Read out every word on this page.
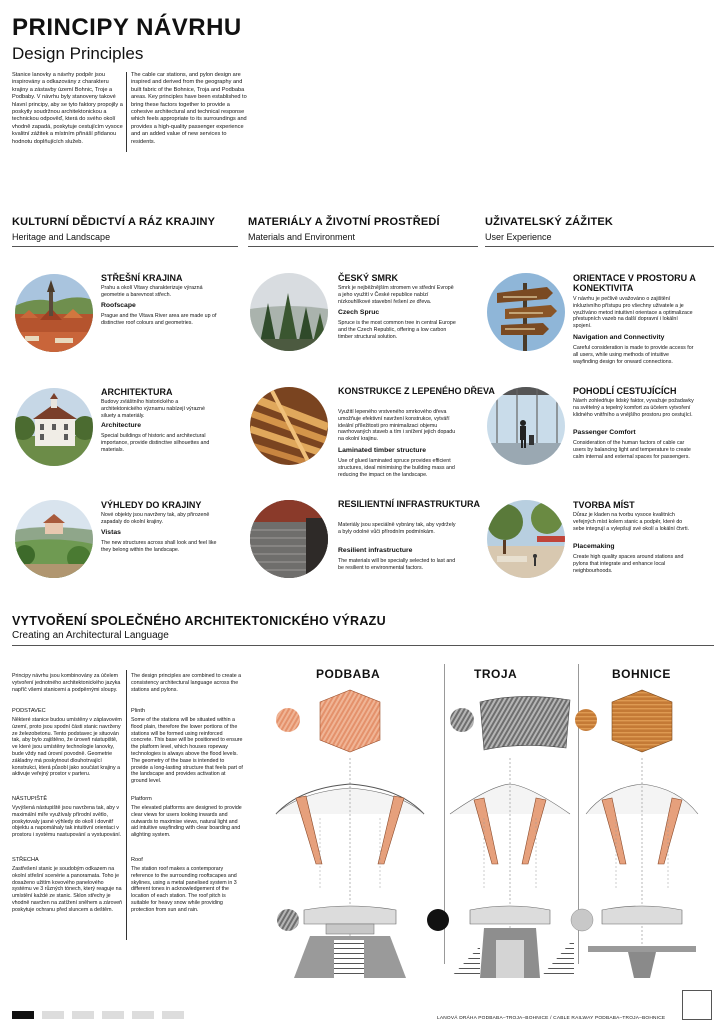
PRINCIPY NÁVRHU
Design Principles
Stanice lanovky a návrhy podpěr jsou inspirovány a odkazovány z charakteru krajiny a zástavby území Bohnic, Troje a Podbaby. V návrhu byly stanoveny takové hlavní principy, aby se tyto faktory propojily a poskytly soudržnou architektonickou a technickou odpověď, která do svého okolí vhodně zapadá, poskytuje cestujícím vysoce kvalitní zážitek a místním přináší přidanou hodnotu doplňujících služeb.
The cable car stations, and pylon design are inspired and derived from the geography and built fabric of the Bohnice, Troja and Podbaba areas. Key principles have been established to bring these factors together to provide a cohesive architectural and technical response which feels appropriate to its surroundings and provides a high-quality passenger experience and an added value of new services to residents.
KULTURNÍ DĚDICTVÍ A RÁZ KRAJINY
Heritage and Landscape
MATERIÁLY A ŽIVOTNÍ PROSTŘEDÍ
Materials and Environment
UŽIVATELSKÝ ZÁŽITEK
User Experience
STŘEŠNÍ KRAJINA
Prahu a okolí Vltavy charakterizuje výrazná geometrie a barevnost střech.
Roofscape
Prague and the Vltava River area are made up of distinctive roof colours and geometries.
ARCHITEKTURA
Budovy zvláštního historického a architektonického významu nabízejí výrazné siluety a materiály.
Architecture
Special buildings of historic and architectural importance, provide distinctive silhouettes and materials.
VÝHLEDY DO KRAJINY
Nové objekty jsou navrženy tak, aby přirozeně zapadaly do okolní krajiny.
Vistas
The new structures across shall look and feel like they belong within the landscape.
ČESKÝ SMRK
Smrk je nejběžnějším stromem ve střední Evropě a jeho využití v České republice nabízí nízkouhlíkové stavební řešení ze dřeva.
Czech Spruc
Spruce is the most common tree in central Europe and the Czech Republic, offering a low carbon timber structural solution.
KONSTRUKCE Z LEPENÉHO DŘEVA
Využití lepeného vrstveného smrkového dřeva umožňuje efektivní navržení konstrukce, vytváří ideální příležitosti pro minimalizaci objemu navrhovaných staveb a tím i snížení jejich dopadu na okolní krajinu.
Laminated timber structure
Use of glued laminated spruce provides efficient structures, ideal minimising the building mass and reducing the impact on the landscape.
RESILIENTNÍ INFRASTRUKTURA
Materiály jsou speciálně vybrány tak, aby vydržely a byly odolné vůči přírodním podmínkám.
Resilient infrastructure
The materials will be specially selected to last and be resilient to environmental factors.
ORIENTACE V PROSTORU A KONEKTIVITA
V návrhu je pečlivě uvažováno o zajištění inkluzivního přístupu pro všechny uživatele a je využíváno metod intuitivní orientace a optimalizace přestupních vazeb na další dopravní i lokální spojení.
Navigation and Connectivity
Careful consideration is made to provide access for all users, while using methods of intuitive wayfinding design for onward connections.
POHODLÍ CESTUJÍCÍCH
Návrh zohledňuje lidský faktor, vyvažuje požadavky na světelný a tepelný komfort za účelem vytvoření klidného vnitřního a vnějšího prostoru pro cestující.
Passenger Comfort
Consideration of the human factors of cable car users by balancing light and temperature to create calm internal and external spaces for passengers.
TVORBA MÍST
Důraz je kladen na tvorbu vysoce kvalitních veřejných míst kolem stanic a podpěr, které do sebe integrují a vylepšují své okolí a lokální čtvrti.
Placemaking
Create high quality spaces around stations and pylons that integrate and enhance local neighbourhoods.
VYTVOŘENÍ SPOLEČNÉHO ARCHITEKTONICKÉHO VÝRAZU
Creating an Architectural Language
Principy návrhu jsou kombinovány za účelem vytvoření jednotného architektonického jazyka napříč všemi stanicemi a podpěrnými sloupy.
The design principles are combined to create a consistency architectural language across the stations and pylons.
PODSTAVEC
Některé stanice budou umístěny v záplavovém území, proto jsou spodní části stanic navrženy ze železobetonu. Tento podstavec je situován tak, aby bylo zajištěno, že úroveň nástupiště, ve které jsou umístěny technologie lanovky, bude vždy nad úrovní povodně. Geometrie základny má poskytnout dlouhotrvající konstrukci, která působí jako součást krajiny a aktivuje veřejný prostor v parteru.
Plinth
Some of the stations will be situated within a flood plain, therefore the lower portions of the stations will be formed using reinforced concrete. This base will be positioned to ensure the platform level, which houses ropeway technologies is always above the flood levels. The geometry of the base is intended to provide a long-lasting structure that feels part of the landscape and provides activation at ground level.
NÁSTUPIŠTĚ
Vyvýšená nástupiště jsou navržena tak, aby v maximální míře využívaly přírodní světlo, poskytovaly jasné výhledy do okolí i dovnitř objektu a napomáhaly tak intuitivní orientaci v prostoru i systému nastupování a vystupování.
Platform
The elevated platforms are designed to provide clear views for users looking inwards and outwards to maximise views, natural light and aid intuitive wayfinding with clear boarding and alighting system.
STŘECHA
Zastřešení stanic je soudobým odkazem na okolní střešní scenérie a panoramata. Toho je dosaženo užitím kovového panelového systému ve 3 různých tónech, který reaguje na umístění každé ze stanic. Sklon střechy je vhodně navržen na zatížení sněhem a zároveň poskytuje ochranu před sluncem a deštěm.
Roof
The station roof makes a contemporary reference to the surrounding rooftscapes and skylines, using a metal panelised system in 3 different tones in acknowledgement of the location of each station. The roof pitch is suitable for heavy snow while providing protection from sun and rain.
PODBABA	TROJA	BOHNICE
LANOVÁ DRÁHA PODBABA–TROJA–BOHNICE / CABLE RAILWAY PODBABA–TROJA–BOHNICE
